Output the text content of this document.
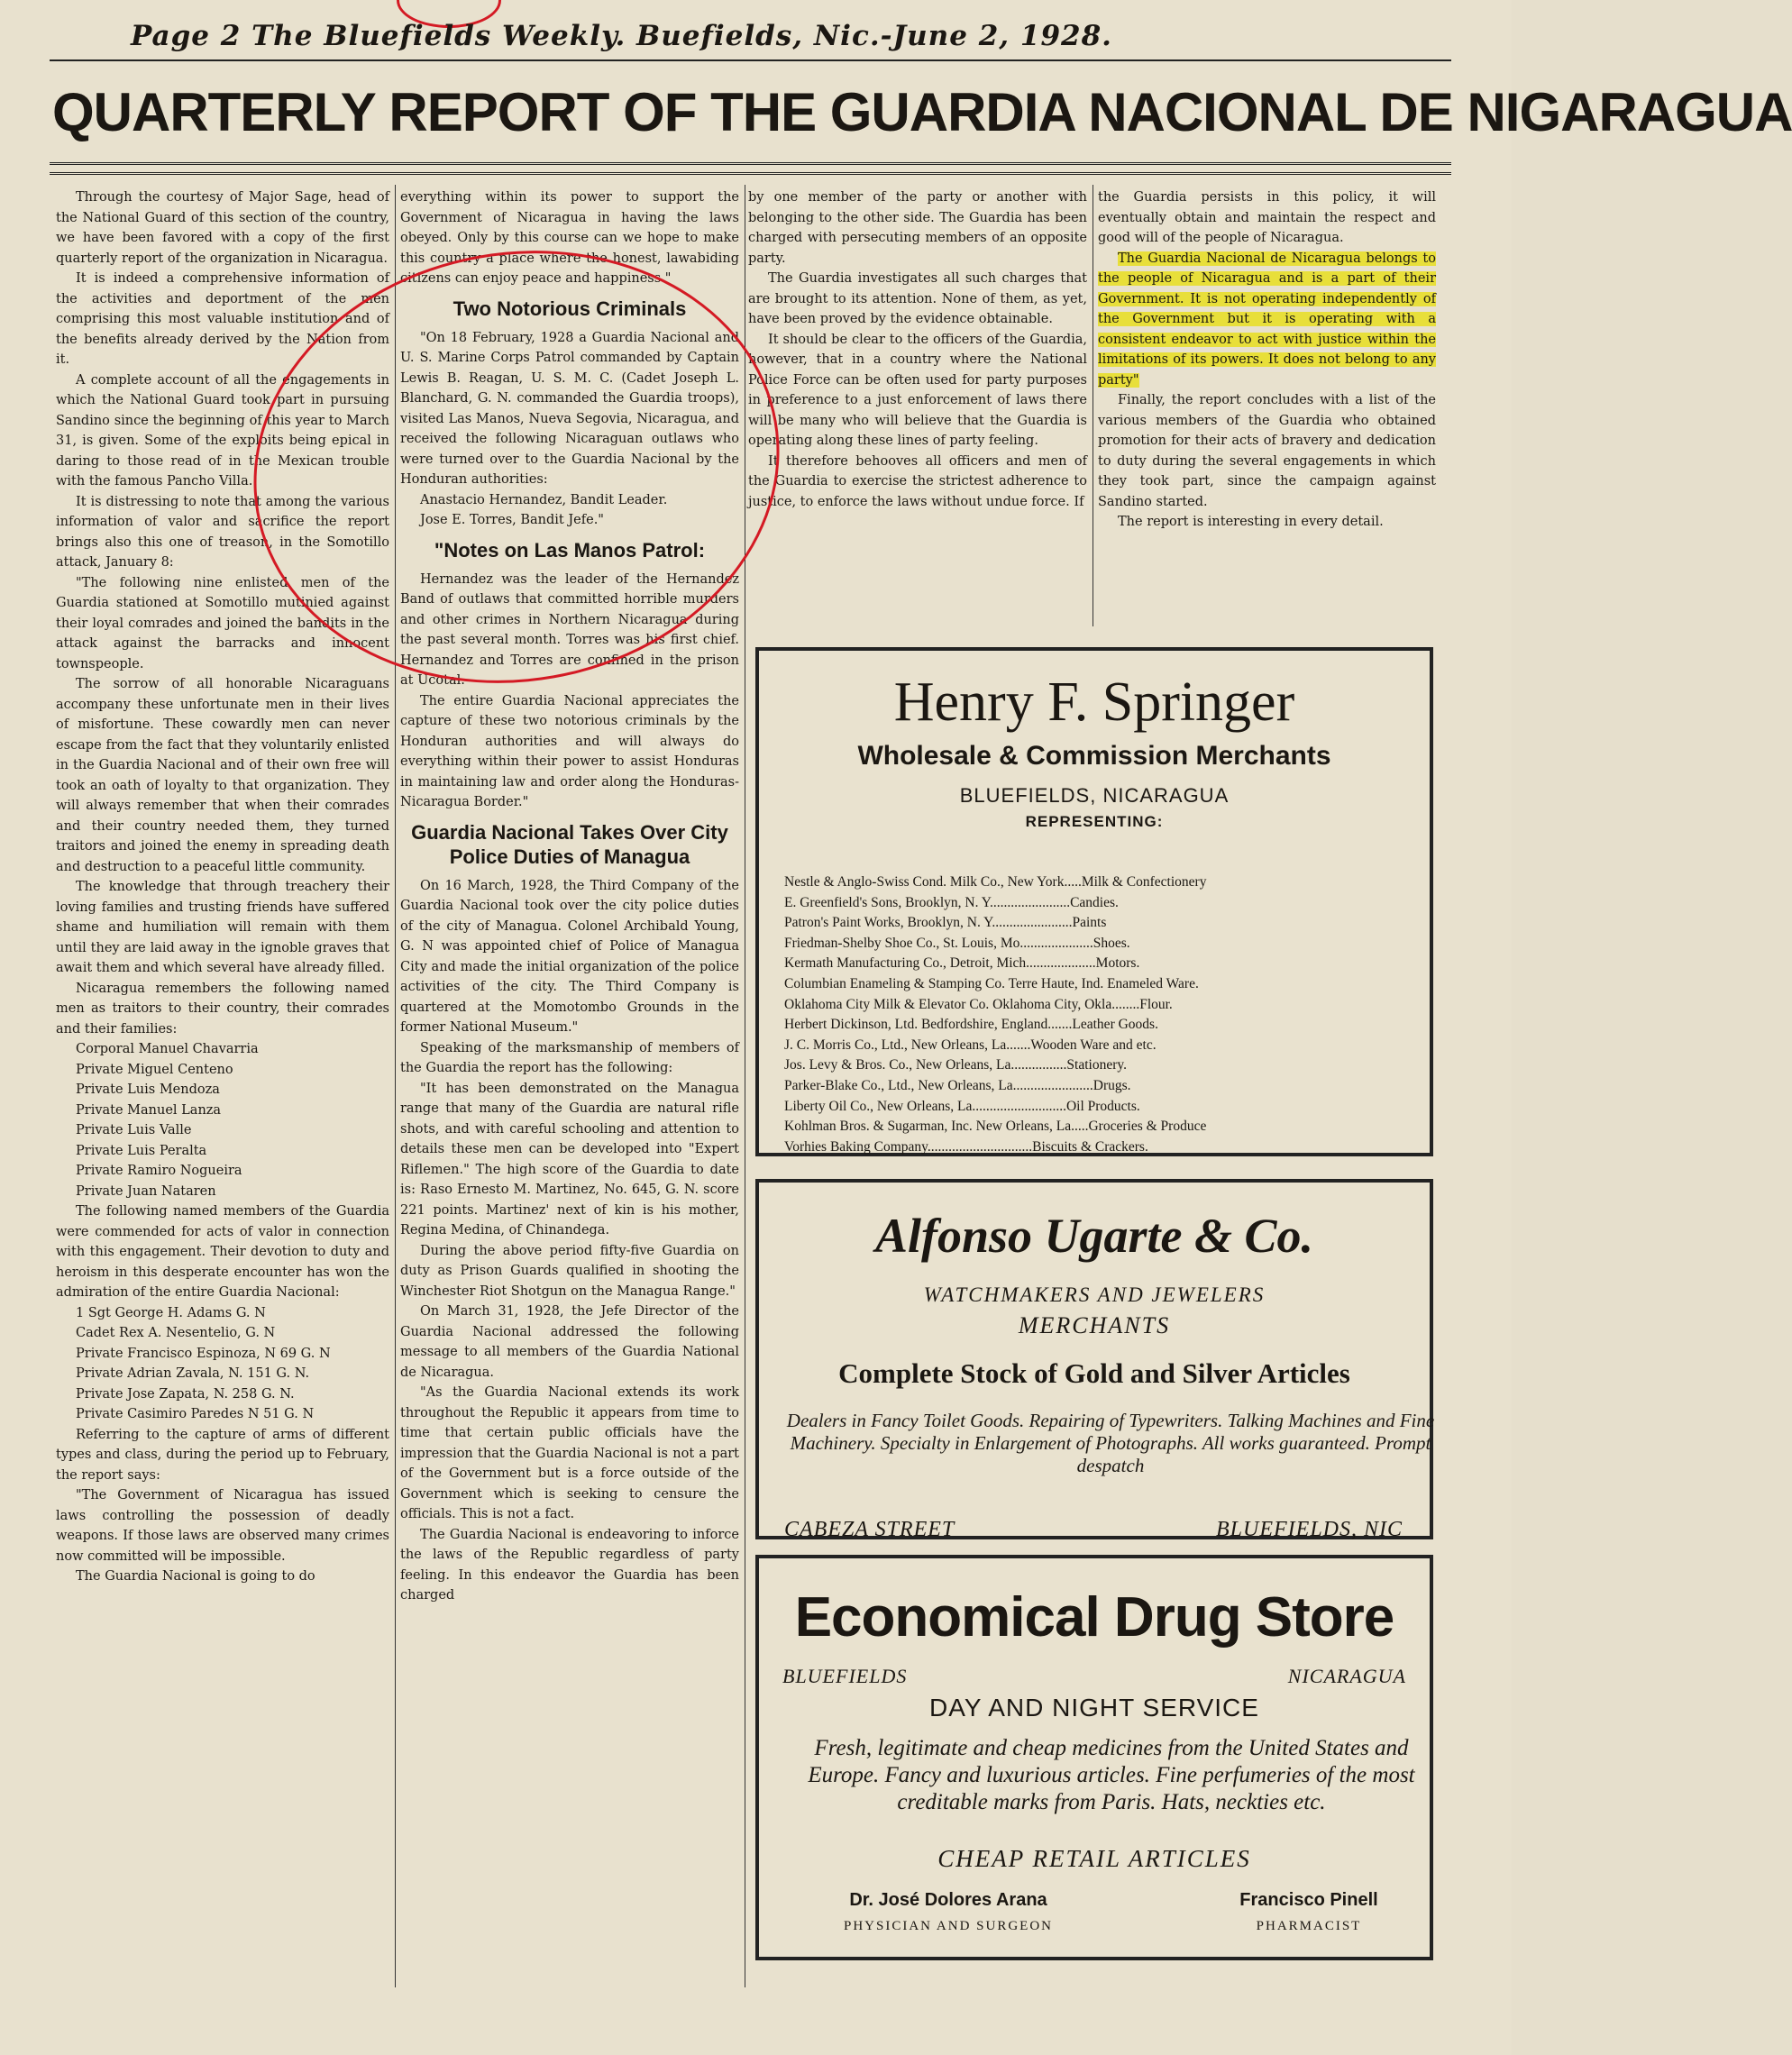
Page 2 The Bluefields Weekly. Buefields, Nic.-June 2, 1928.
QUARTERLY REPORT OF THE GUARDIA NACIONAL DE NIGARAGUA

Through the courtesy of Major Sage, head of the National Guard of this section of the country, we have been favored with a copy of the first quarterly report of the organization in Nicaragua.

It is indeed a comprehensive information of the activities and deportment of the men comprising this most valuable institution and of the benefits already derived by the Nation from it.

A complete account of all the engagements in which the National Guard took part in pursuing Sandino since the beginning of this year to March 31, is given. Some of the exploits being epical in daring to those read of in the Mexican trouble with the famous Pancho Villa.

It is distressing to note that among the various information of valor and sacrifice the report brings also this one of treason, in the Somotillo attack, January 8:

"The following nine enlisted men of the Guardia stationed at Somotillo mutinied against their loyal comrades and joined the bandits in the attack against the barracks and innocent townspeople.

The sorrow of all honorable Nicaraguans accompany these unfortunate men in their lives of misfortune. These cowardly men can never escape from the fact that they voluntarily enlisted in the Guardia Nacional and of their own free will took an oath of loyalty to that organization. They will always remember that when their comrades and their country needed them, they turned traitors and joined the enemy in spreading death and destruction to a peaceful little community.

The knowledge that through treachery their loving families and trusting friends have suffered shame and humiliation will remain with them until they are laid away in the ignoble graves that await them and which several have already filled.

Nicaragua remembers the following named men as traitors to their country, their comrades and their families:

Corporal Manuel Chavarria
Private Miguel Centeno
Private Luis Mendoza
Private Manuel Lanza
Private Luis Valle
Private Luis Peralta
Private Ramiro Nogueira
Private Juan Nataren

The following named members of the Guardia were commended for acts of valor in connection with this engagement. Their devotion to duty and heroism in this desperate encounter has won the admiration of the entire Guardia Nacional:

1 Sgt George H. Adams G. N
Cadet Rex A. Nesentelio, G. N
Private Francisco Espinoza, N 69 G. N
Private Adrian Zavala, N. 151 G. N.
Private Jose Zapata, N. 258 G. N.
Private Casimiro Paredes N 51 G. N

Referring to the capture of arms of different types and class, during the period up to February, the report says:

"The Government of Nicaragua has issued laws controlling the possession of deadly weapons. If those laws are observed many crimes now committed will be impossible.

The Guardia Nacional is going to do

everything within its power to support the Government of Nicaragua in having the laws obeyed. Only by this course can we hope to make this country a place where the honest, lawabiding citizens can enjoy peace and happiness."

Two Notorious Criminals

"On 18 February, 1928 a Guardia Nacional and U. S. Marine Corps Patrol commanded by Captain Lewis B. Reagan, U. S. M. C. (Cadet Joseph L. Blanchard, G. N. commanded the Guardia troops), visited Las Manos, Nueva Segovia, Nicaragua, and received the following Nicaraguan outlaws who were turned over to the Guardia Nacional by the Honduran authorities:

Anastacio Hernandez, Bandit Leader.

Jose E. Torres, Bandit Jefe."

"Notes on Las Manos Patrol:

Hernandez was the leader of the Hernandez Band of outlaws that committed horrible murders and other crimes in Northern Nicaragua during the past several month. Torres was his first chief. Hernandez and Torres are confined in the prison at Ucotal.

The entire Guardia Nacional appreciates the capture of these two notorious criminals by the Honduran authorities and will always do everything within their power to assist Honduras in maintaining law and order along the Honduras-Nicaragua Border."

Guardia Nacional Takes Over City Police Duties of Managua

On 16 March, 1928, the Third Company of the Guardia Nacional took over the city police duties of the city of Managua. Colonel Archibald Young, G. N was appointed chief of Police of Managua City and made the initial organization of the police activities of the city. The Third Company is quartered at the Momotombo Grounds in the former National Museum."

Speaking of the marksmanship of members of the Guardia the report has the following:

"It has been demonstrated on the Managua range that many of the Guardia are natural rifle shots, and with careful schooling and attention to details these men can be developed into "Expert Riflemen." The high score of the Guardia to date is: Raso Ernesto M. Martinez, No. 645, G. N. score 221 points. Martinez' next of kin is his mother, Regina Medina, of Chinandega.

During the above period fifty-five Guardia on duty as Prison Guards qualified in shooting the Winchester Riot Shotgun on the Managua Range."

On March 31, 1928, the Jefe Director of the Guardia Nacional addressed the following message to all members of the Guardia National de Nicaragua.

"As the Guardia Nacional extends its work throughout the Republic it appears from time to time that certain public officials have the impression that the Guardia Nacional is not a part of the Government but is a force outside of the Government which is seeking to censure the officials. This is not a fact.

The Guardia Nacional is endeavoring to inforce the laws of the Republic regardless of party feeling. In this endeavor the Guardia has been charged

by one member of the party or another with belonging to the other side. The Guardia has been charged with persecuting members of an opposite party.

The Guardia investigates all such charges that are brought to its attention. None of them, as yet, have been proved by the evidence obtainable.

It should be clear to the officers of the Guardia, however, that in a country where the National Police Force can be often used for party purposes in preference to a just enforcement of laws there will be many who will believe that the Guardia is operating along these lines of party feeling.

It therefore behooves all officers and men of the Guardia to exercise the strictest adherence to justice, to enforce the laws without undue force. If

the Guardia persists in this policy, it will eventually obtain and maintain the respect and good will of the people of Nicaragua.

The Guardia Nacional de Nicaragua belongs to the people of Nicaragua and is a part of their Government. It is not operating independently of the Government but it is operating with a consistent endeavor to act with justice within the limitations of its powers. It does not belong to any party"

Finally, the report concludes with a list of the various members of the Guardia who obtained promotion for their acts of bravery and dedication to duty during the several engagements in which they took part, since the campaign against Sandino started.

The report is interesting in every detail.

Henry F. Springer
Wholesale & Commission Merchants
BLUEFIELDS, NICARAGUA
REPRESENTING:
Nestle & Anglo-Swiss Cond. Milk Co., New York.....Milk & Confectionery
E. Greenfield's Sons, Brooklyn, N. Y.......................Candies.
Patron's Paint Works, Brooklyn, N. Y.......................Paints
Friedman-Shelby Shoe Co., St. Louis, Mo.....................Shoes.
Kermath Manufacturing Co., Detroit, Mich....................Motors.
Columbian Enameling & Stamping Co. Terre Haute, Ind. Enameled Ware.
Oklahoma City Milk & Elevator Co. Oklahoma City, Okla........Flour.
Herbert Dickinson, Ltd. Bedfordshire, England.......Leather Goods.
J. C. Morris Co., Ltd., New Orleans, La.......Wooden Ware and etc.
Jos. Levy & Bros. Co., New Orleans, La................Stationery.
Parker-Blake Co., Ltd., New Orleans, La.......................Drugs.
Liberty Oil Co., New Orleans, La...........................Oil Products.
Kohlman Bros. & Sugarman, Inc. New Orleans, La.....Groceries & Produce
Vorhies Baking Company..............................Biscuits & Crackers.
Alfonso Ugarte & Co.
WATCHMAKERS AND JEWELERS
MERCHANTS
Complete Stock of Gold and Silver Articles
Dealers in Fancy Toilet Goods. Repairing of Typewriters. Talking Machines and Fine Machinery. Specialty in Enlargement of Photographs. All works guaranteed. Prompt despatch
CABEZA STREET	BLUEFIELDS, NIC
Economical Drug Store
BLUEFIELDS	NICARAGUA
DAY AND NIGHT SERVICE
Fresh, legitimate and cheap medicines from the United States and Europe. Fancy and luxurious articles. Fine perfumeries of the most creditable marks from Paris. Hats, neckties etc.
CHEAP RETAIL ARTICLES
Dr. José Dolores Arana
PHYSICIAN AND SURGEON
Francisco Pinell
PHARMACIST
